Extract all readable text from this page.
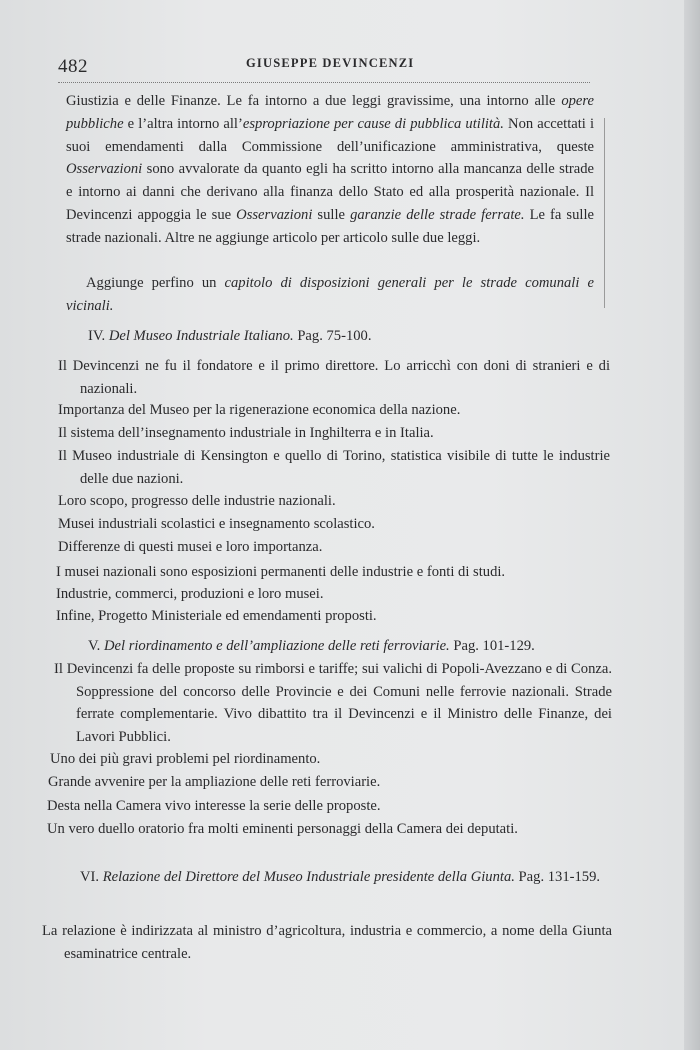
482	GIUSEPPE DEVINCENZI

Giustizia e delle Finanze. Le fa intorno a due leggi gravissime, una intorno alle opere pubbliche e l’altra intorno all’espropriazione per cause di pubblica utilità. Non accettati i suoi emendamenti dalla Commissione dell’unificazione amministrativa, queste Osservazioni sono avvalorate da quanto egli ha scritto intorno alla mancanza delle strade e intorno ai danni che derivano alla finanza dello Stato ed alla prosperità nazionale. Il Devincenzi appoggia le sue Osservazioni sulle garanzie delle strade ferrate. Le fa sulle strade nazionali. Altre ne aggiunge articolo per articolo sulle due leggi.

Aggiunge perfino un capitolo di disposizioni generali per le strade comunali e vicinali.

IV. Del Museo Industriale Italiano. Pag. 75-100.

Il Devincenzi ne fu il fondatore e il primo direttore. Lo arricchì con doni di stranieri e di nazionali.

Importanza del Museo per la rigenerazione economica della nazione.

Il sistema dell’insegnamento industriale in Inghilterra e in Italia.

Il Museo industriale di Kensington e quello di Torino, statistica visibile di tutte le industrie delle due nazioni.

Loro scopo, progresso delle industrie nazionali.

Musei industriali scolastici e insegnamento scolastico.

Differenze di questi musei e loro importanza.

I musei nazionali sono esposizioni permanenti delle industrie e fonti di studi.

Industrie, commerci, produzioni e loro musei.

Infine, Progetto Ministeriale ed emendamenti proposti.

V. Del riordinamento e dell’ampliazione delle reti ferroviarie. Pag. 101-129.

Il Devincenzi fa delle proposte su rimborsi e tariffe; sui valichi di Popoli-Avezzano e di Conza. Soppressione del concorso delle Provincie e dei Comuni nelle ferrovie nazionali. Strade ferrate complementarie. Vivo dibattito tra il Devincenzi e il Ministro delle Finanze, dei Lavori Pubblici.

Uno dei più gravi problemi pel riordinamento.

Grande avvenire per la ampliazione delle reti ferroviarie.

Desta nella Camera vivo interesse la serie delle proposte.

Un vero duello oratorio fra molti eminenti personaggi della Camera dei deputati.

VI. Relazione del Direttore del Museo Industriale presidente della Giunta. Pag. 131-159.

La relazione è indirizzata al ministro d’agricoltura, industria e commercio, a nome della Giunta esaminatrice centrale.
